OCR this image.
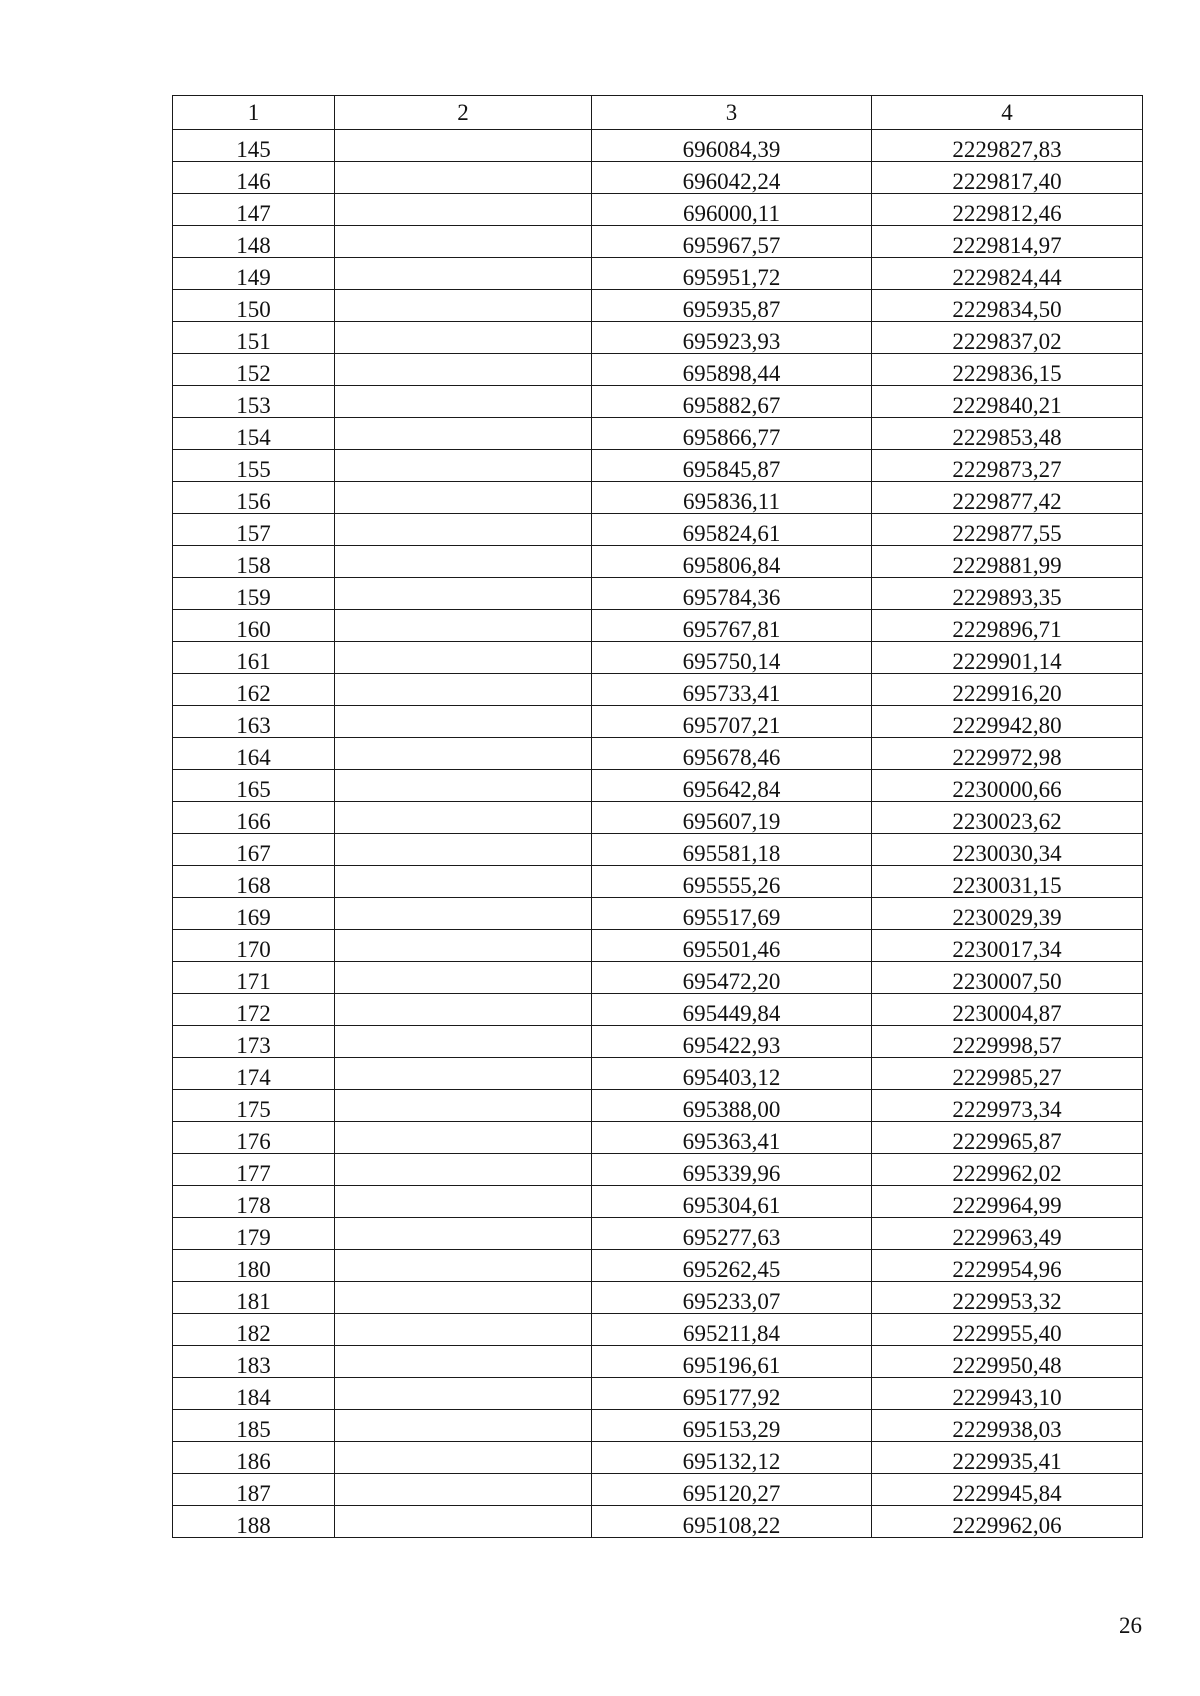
1	2	3	4
145		696084,39	2229827,83
146		696042,24	2229817,40
147		696000,11	2229812,46
148		695967,57	2229814,97
149		695951,72	2229824,44
150		695935,87	2229834,50
151		695923,93	2229837,02
152		695898,44	2229836,15
153		695882,67	2229840,21
154		695866,77	2229853,48
155		695845,87	2229873,27
156		695836,11	2229877,42
157		695824,61	2229877,55
158		695806,84	2229881,99
159		695784,36	2229893,35
160		695767,81	2229896,71
161		695750,14	2229901,14
162		695733,41	2229916,20
163		695707,21	2229942,80
164		695678,46	2229972,98
165		695642,84	2230000,66
166		695607,19	2230023,62
167		695581,18	2230030,34
168		695555,26	2230031,15
169		695517,69	2230029,39
170		695501,46	2230017,34
171		695472,20	2230007,50
172		695449,84	2230004,87
173		695422,93	2229998,57
174		695403,12	2229985,27
175		695388,00	2229973,34
176		695363,41	2229965,87
177		695339,96	2229962,02
178		695304,61	2229964,99
179		695277,63	2229963,49
180		695262,45	2229954,96
181		695233,07	2229953,32
182		695211,84	2229955,40
183		695196,61	2229950,48
184		695177,92	2229943,10
185		695153,29	2229938,03
186		695132,12	2229935,41
187		695120,27	2229945,84
188		695108,22	2229962,06
26
